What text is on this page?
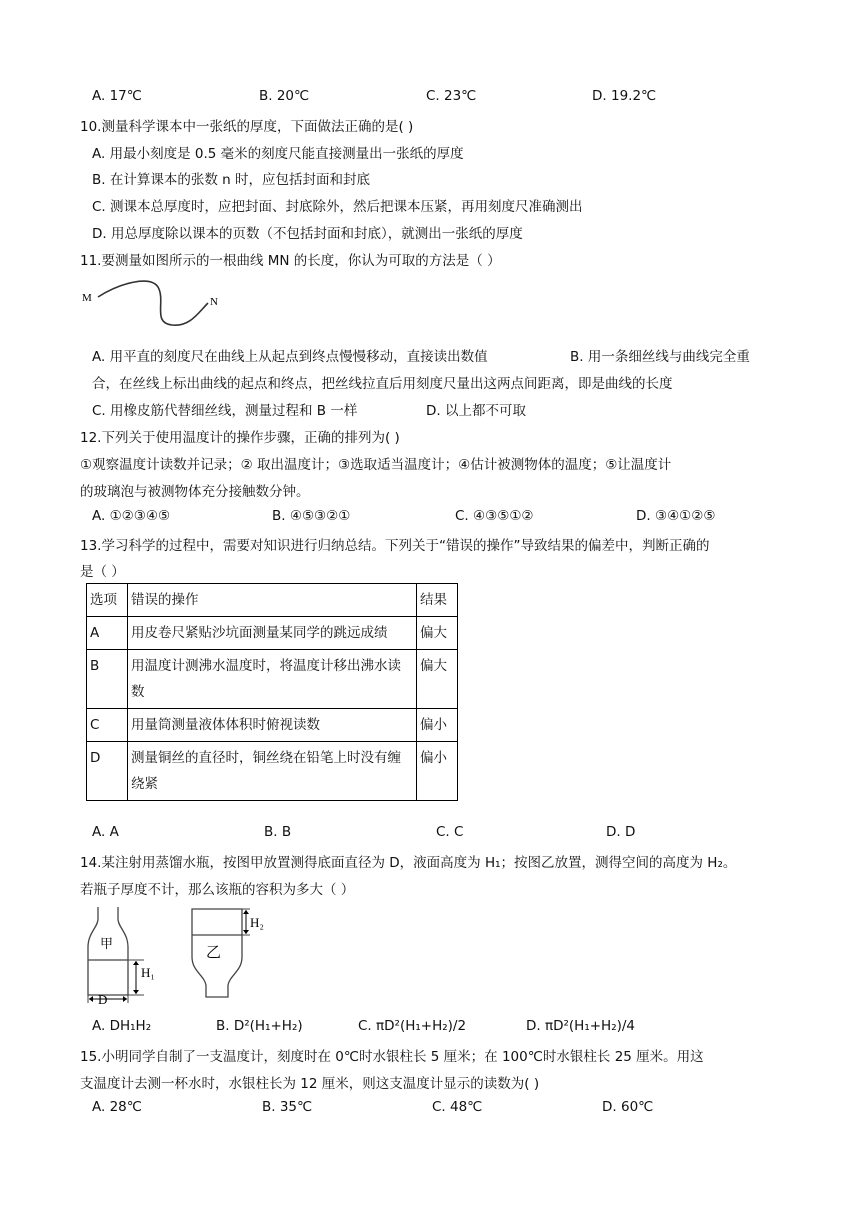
A. 17℃	B. 20℃	C. 23℃	D. 19.2℃
10.测量科学课本中一张纸的厚度，下面做法正确的是( )
A. 用最小刻度是 0.5 毫米的刻度尺能直接测量出一张纸的厚度
B. 在计算课本的张数 n 时，应包括封面和封底
C. 测课本总厚度时，应把封面、封底除外，然后把课本压紧，再用刻度尺准确测出
D. 用总厚度除以课本的页数（不包括封面和封底），就测出一张纸的厚度
11.要测量如图所示的一根曲线 MN 的长度，你认为可取的方法是（ ）
M	N
A. 用平直的刻度尺在曲线上从起点到终点慢慢移动，直接读出数值	B. 用一条细丝线与曲线完全重
合，在丝线上标出曲线的起点和终点，把丝线拉直后用刻度尺量出这两点间距离，即是曲线的长度
C. 用橡皮筋代替细丝线，测量过程和 B 一样	D. 以上都不可取
12.下列关于使用温度计的操作步骤，正确的排列为( )
①观察温度计读数并记录；② 取出温度计；③选取适当温度计；④估计被测物体的温度；⑤让温度计
的玻璃泡与被测物体充分接触数分钟。
A. ①②③④⑤	B. ④⑤③②①	C. ④③⑤①②	D. ③④①②⑤
13.学习科学的过程中，需要对知识进行归纳总结。下列关于“错误的操作”导致结果的偏差中，判断正确的
是（ ）
选项	错误的操作	结果
A	用皮卷尺紧贴沙坑面测量某同学的跳远成绩	偏大
B	用温度计测沸水温度时，将温度计移出沸水读数	偏大
C	用量筒测量液体体积时俯视读数	偏小
D	测量铜丝的直径时，铜丝绕在铅笔上时没有缠绕紧	偏小
A. A	B. B	C. C	D. D
14.某注射用蒸馏水瓶，按图甲放置测得底面直径为 D，液面高度为 H₁；按图乙放置，测得空间的高度为 H₂。
若瓶子厚度不计，那么该瓶的容积为多大（ ）
H₁
D
甲
H₂
乙
A. DH₁H₂	B. D²(H₁+H₂)	C. πD²(H₁+H₂)/2	D. πD²(H₁+H₂)/4
15.小明同学自制了一支温度计，刻度时在 0℃时水银柱长 5 厘米；在 100℃时水银柱长 25 厘米。用这
支温度计去测一杯水时，水银柱长为 12 厘米，则这支温度计显示的读数为( )
A. 28℃	B. 35℃	C. 48℃	D. 60℃
